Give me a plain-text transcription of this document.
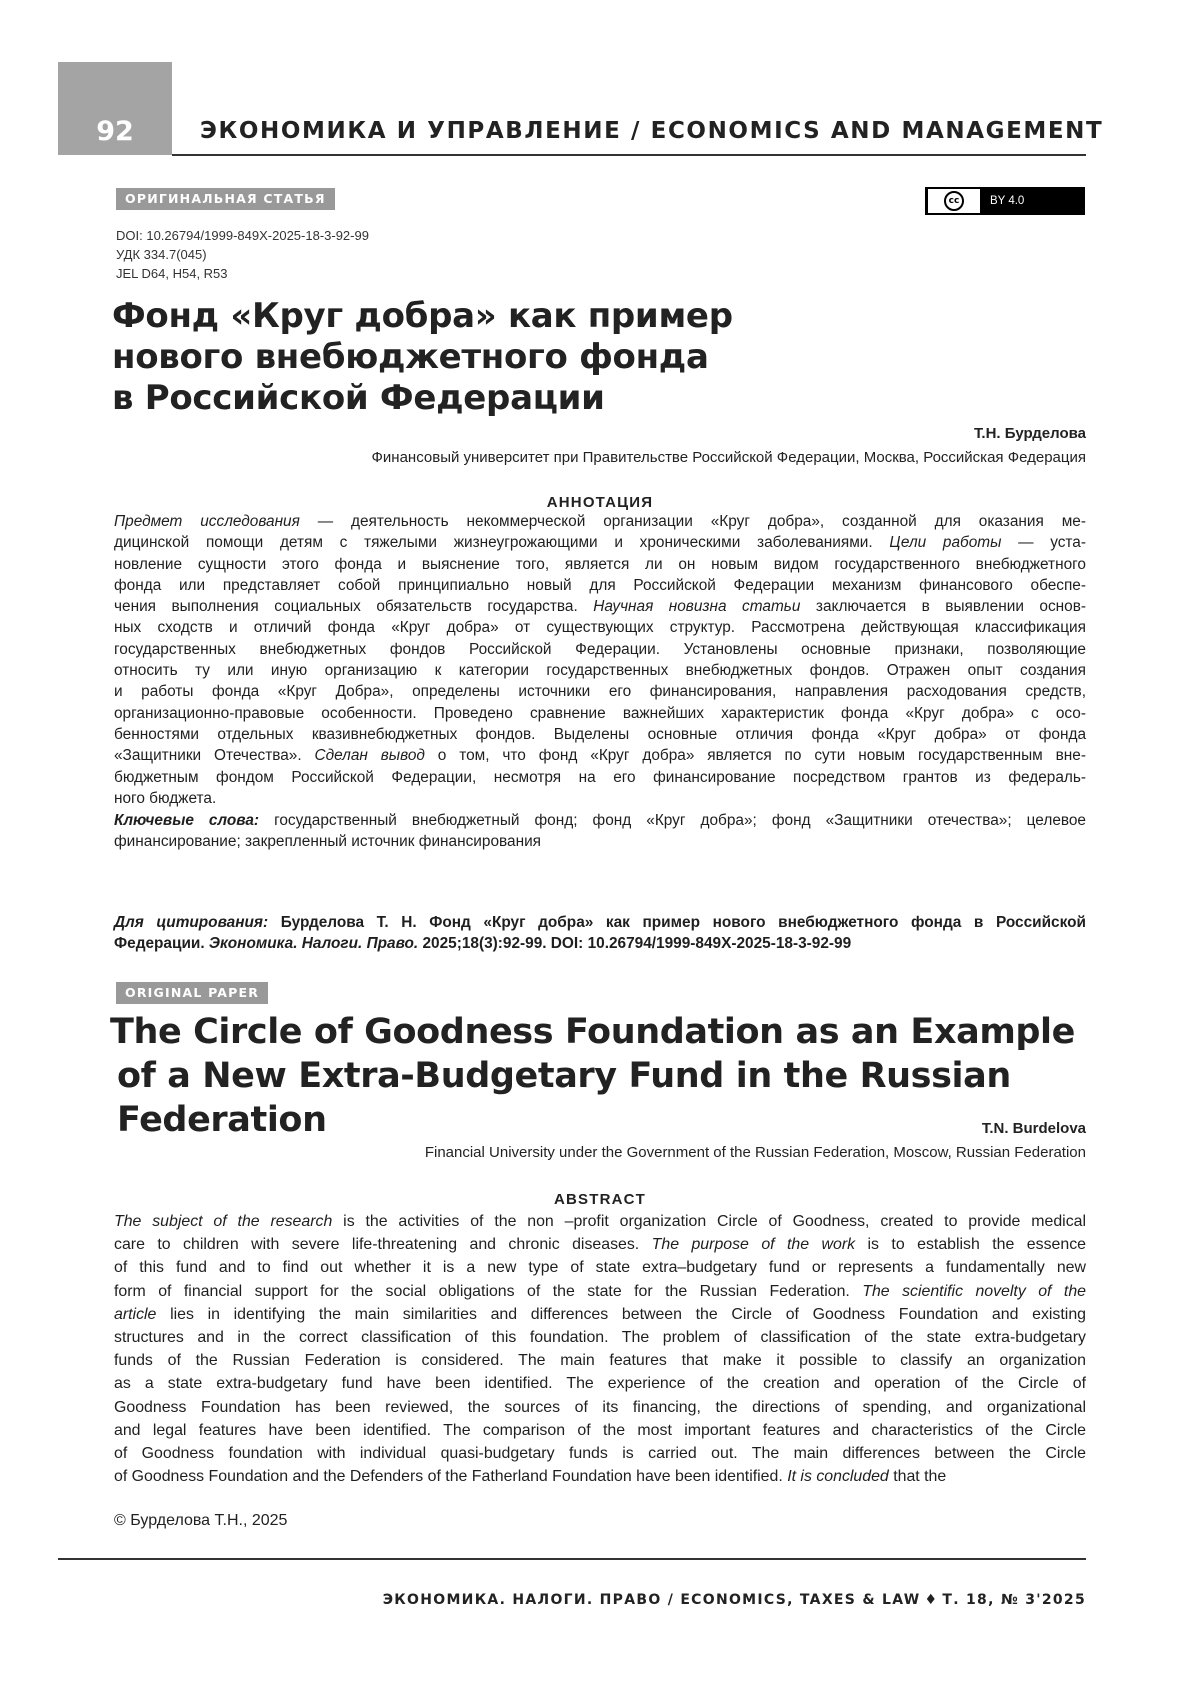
92	ЭКОНОМИКА И УПРАВЛЕНИЕ / ECONOMICS AND MANAGEMENT
ОРИГИНАЛЬНАЯ СТАТЬЯ	cc	BY 4.0
DOI: 10.26794/1999-849X-2025-18-3-92-99
УДК 334.7(045)
JEL D64, H54, R53
Фонд «Круг добра» как пример
нового внебюджетного фонда
в Российской Федерации
Т.Н. Бурделова
Финансовый университет при Правительстве Российской Федерации, Москва, Российская Федерация
АННОТАЦИЯ
Предмет исследования — деятельность некоммерческой организации «Круг добра», созданной для оказания ме-
дицинской помощи детям с тяжелыми жизнеугрожающими и хроническими заболеваниями. Цели работы — уста-
новление сущности этого фонда и выяснение того, является ли он новым видом государственного внебюджетного
фонда или представляет собой принципиально новый для Российской Федерации механизм финансового обеспе-
чения выполнения социальных обязательств государства. Научная новизна статьи заключается в выявлении основ-
ных сходств и отличий фонда «Круг добра» от существующих структур. Рассмотрена действующая классификация
государственных внебюджетных фондов Российской Федерации. Установлены основные признаки, позволяющие
относить ту или иную организацию к категории государственных внебюджетных фондов. Отражен опыт создания
и работы фонда «Круг Добра», определены источники его финансирования, направления расходования средств,
организационно-правовые особенности. Проведено сравнение важнейших характеристик фонда «Круг добра» с осо-
бенностями отдельных квазивнебюджетных фондов. Выделены основные отличия фонда «Круг добра» от фонда
«Защитники Отечества». Сделан вывод о том, что фонд «Круг добра» является по сути новым государственным вне-
бюджетным фондом Российской Федерации, несмотря на его финансирование посредством грантов из федераль-
ного бюджета.
Ключевые слова: государственный внебюджетный фонд; фонд «Круг добра»; фонд «Защитники отечества»; целевое
финансирование; закрепленный источник финансирования
Для цитирования: Бурделова Т. Н. Фонд «Круг добра» как пример нового внебюджетного фонда в Российской
Федерации. Экономика. Налоги. Право. 2025;18(3):92-99. DOI: 10.26794/1999-849X-2025-18-3-92-99
ORIGINAL PAPER
The Circle of Goodness Foundation as an Example
of a New Extra-Budgetary Fund in the Russian Federation	T.N. Burdelova
Financial University under the Government of the Russian Federation, Moscow, Russian Federation
ABSTRACT
The subject of the research is the activities of the non –profit organization Circle of Goodness, created to provide medical
care to children with severe life-threatening and chronic diseases. The purpose of the work is to establish the essence
of this fund and to find out whether it is a new type of state extra–budgetary fund or represents a fundamentally new
form of financial support for the social obligations of the state for the Russian Federation. The scientific novelty of the
article lies in identifying the main similarities and differences between the Circle of Goodness Foundation and existing
structures and in the correct classification of this foundation. The problem of classification of the state extra-budgetary
funds of the Russian Federation is considered. The main features that make it possible to classify an organization
as a state extra-budgetary fund have been identified. The experience of the creation and operation of the Circle of
Goodness Foundation has been reviewed, the sources of its financing, the directions of spending, and organizational
and legal features have been identified. The comparison of the most important features and characteristics of the Circle
of Goodness foundation with individual quasi-budgetary funds is carried out. The main differences between the Circle
of Goodness Foundation and the Defenders of the Fatherland Foundation have been identified. It is concluded that the
© Бурделова Т.Н., 2025
ЭКОНОМИКА. НАЛОГИ. ПРАВО / ECONOMICS, TAXES & LAW ♦ Т. 18, № 3'2025
